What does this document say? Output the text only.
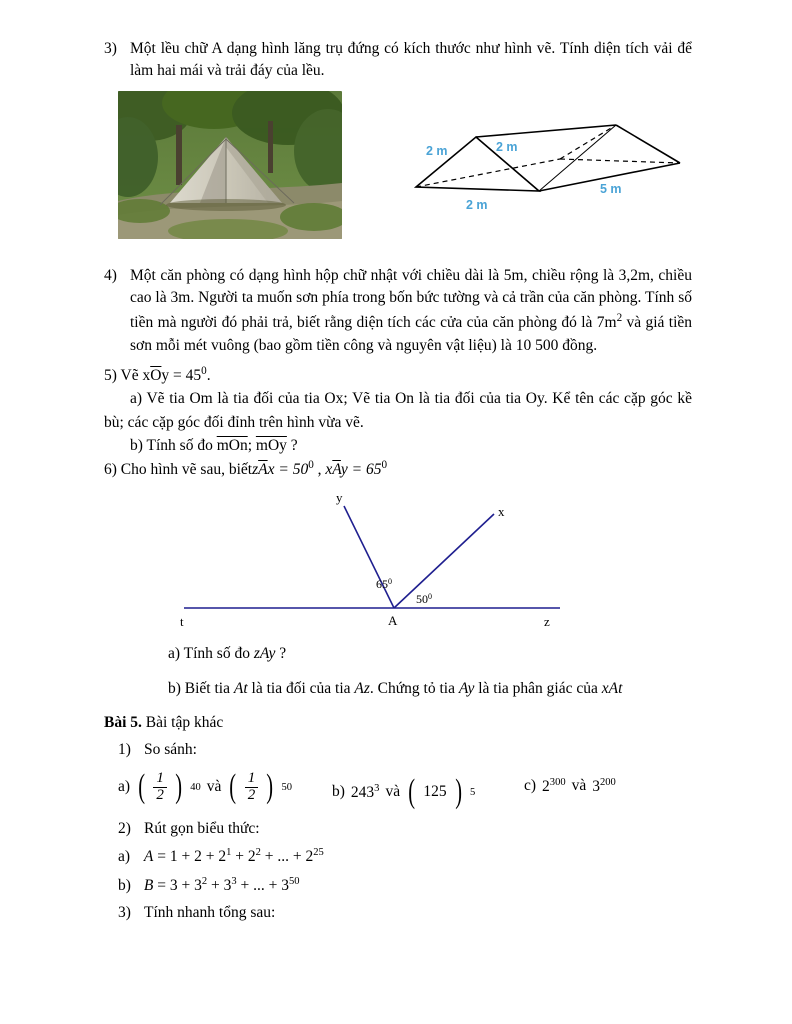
3) Một lều chữ A dạng hình lăng trụ đứng có kích thước như hình vẽ. Tính diện tích vải để làm hai mái và trải đáy của lều.
2 m	2 m
2 m
5 m
4) Một căn phòng có dạng hình hộp chữ nhật với chiều dài là 5m, chiều rộng là 3,2m, chiều cao là 3m. Người ta muốn sơn phía trong bốn bức tường và cả trần của căn phòng. Tính số tiền mà người đó phải trả, biết rằng diện tích các cửa của căn phòng đó là $7m^2$ và giá tiền sơn mỗi mét vuông (bao gồm tiền công và nguyên vật liệu) là 10 500 đồng.
5) Vẽ $x\overline{O}y = 45^0$.
a) Vẽ tia Om là tia đối của tia Ox; Vẽ tia On là tia đối của tia Oy. Kể tên các cặp góc kề bù; các cặp góc đối đỉnh trên hình vừa vẽ.
b) Tính số đo $\overline{mOn}$; $\overline{mOy}$ ?
6) Cho hình vẽ sau, $biếtz\overline{A}x = 50^0$ , $x\overline{A}y = 65^0$
y
x
t	z
A
$65^0$
$50^0$
a) Tính số đo zAy ?
b) Biết tia At là tia đối của tia Az. Chứng tỏ tia Ay là tia phân giác của xAt
Bài 5. Bài tập khác
1) So sánh:
a) ( $\frac{1}{2}$ ) 40 và ( $\frac{1}{2}$ ) 50	b) $243^3$ và ( 125 ) 5	c) $2^{300}$ và $3^{200}$
2) Rút gọn biểu thức:
a) $A = 1 + 2 + 2^1 + 2^2$ + ... + $2^{25}$
b) $B = 3 + 3^2 + 3^3$ + ... + $3^{50}$
3) Tính nhanh tổng sau:
